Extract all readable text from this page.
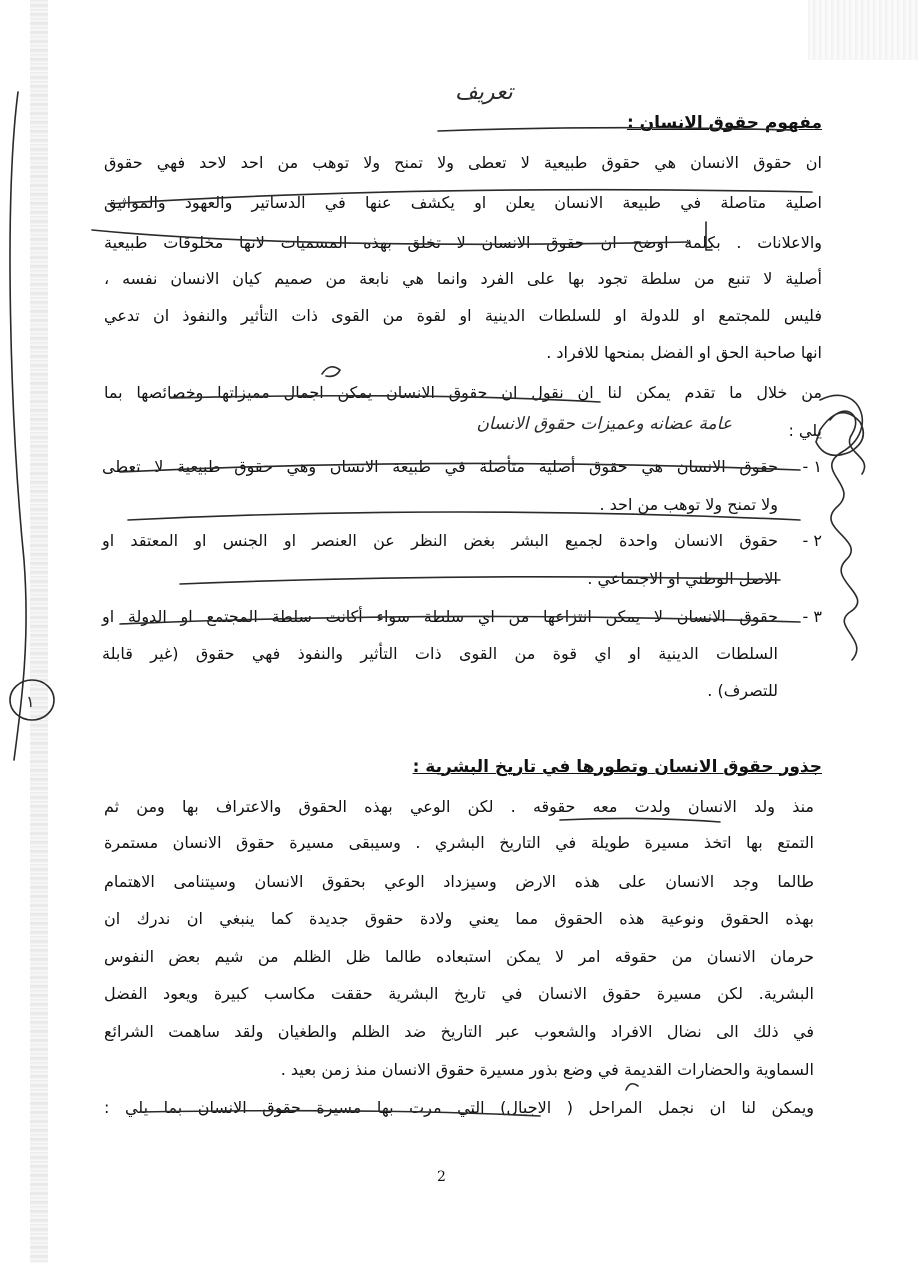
مفهوم حقوق الانسان :
تعريف
ان حقوق الانسان هي حقوق طبيعية لا تعطى ولا تمنح ولا توهب من احد لاحد فهي حقوق
اصلية متاصلة في طبيعة الانسان يعلن او يكشف عنها في الدساتير والعهود والمواثيق
والاعلانات . بكلمة اوضح ان حقوق الانسان لا تخلق بهذه المسميات لانها مخلوقات طبيعية
أصلية لا تنبع من سلطة تجود بها على الفرد وانما هي نابعة من صميم كيان الانسان نفسه ،
فليس للمجتمع او للدولة او للسلطات الدينية او لقوة من القوى ذات التأثير والنفوذ ان تدعي
انها صاحبة الحق او الفضل بمنحها للافراد .
من خلال ما تقدم يمكن لنا ان نقول ان حقوق الانسان يمكن اجمال مميزاتها وخصائصها بما
يلي :
عامة عضانه وعميزات حقوق الانسان
١ -
حقوق الانسان هي حقوق أصلية متأصلة في طبيعة الانسان وهي حقوق طبيعية لا تعطى
ولا تمنح ولا توهب من احد .
٢ -
حقوق الانسان واحدة لجميع البشر بغض النظر عن العنصر او الجنس او المعتقد او
الاصل الوطني او الاجتماعي .
٣ -
حقوق الانسان لا يمكن انتزاعها من اي سلطة سواء أكانت سلطة المجتمع او الدولة او
السلطات الدينية او اي قوة من القوى ذات التأثير والنفوذ فهي حقوق (غير قابلة
للتصرف) .
جذور حقوق الانسان وتطورها في تاريخ البشرية :
منذ ولد الانسان ولدت معه حقوقه . لكن الوعي بهذه الحقوق والاعتراف بها ومن ثم
التمتع بها اتخذ مسيرة طويلة في التاريخ البشري . وسيبقى مسيرة حقوق الانسان مستمرة
طالما وجد الانسان على هذه الارض وسيزداد الوعي بحقوق الانسان وسيتنامى الاهتمام
بهذه الحقوق ونوعية هذه الحقوق مما يعني ولادة حقوق جديدة كما ينبغي ان ندرك ان
حرمان الانسان من حقوقه امر لا يمكن استبعاده طالما ظل الظلم من شيم بعض النفوس
البشرية. لكن مسيرة حقوق الانسان في تاريخ البشرية حققت مكاسب كبيرة ويعود الفضل
في ذلك الى نضال الافراد والشعوب عبر التاريخ ضد الظلم والطغيان ولقد ساهمت الشرائع
السماوية والحضارات القديمة في وضع بذور مسيرة حقوق الانسان منذ زمن بعيد .
ويمكن لنا ان نجمل المراحل ( الاجيال) التي مرت بها مسيرة حقوق الانسان بما يلي :
١
2
